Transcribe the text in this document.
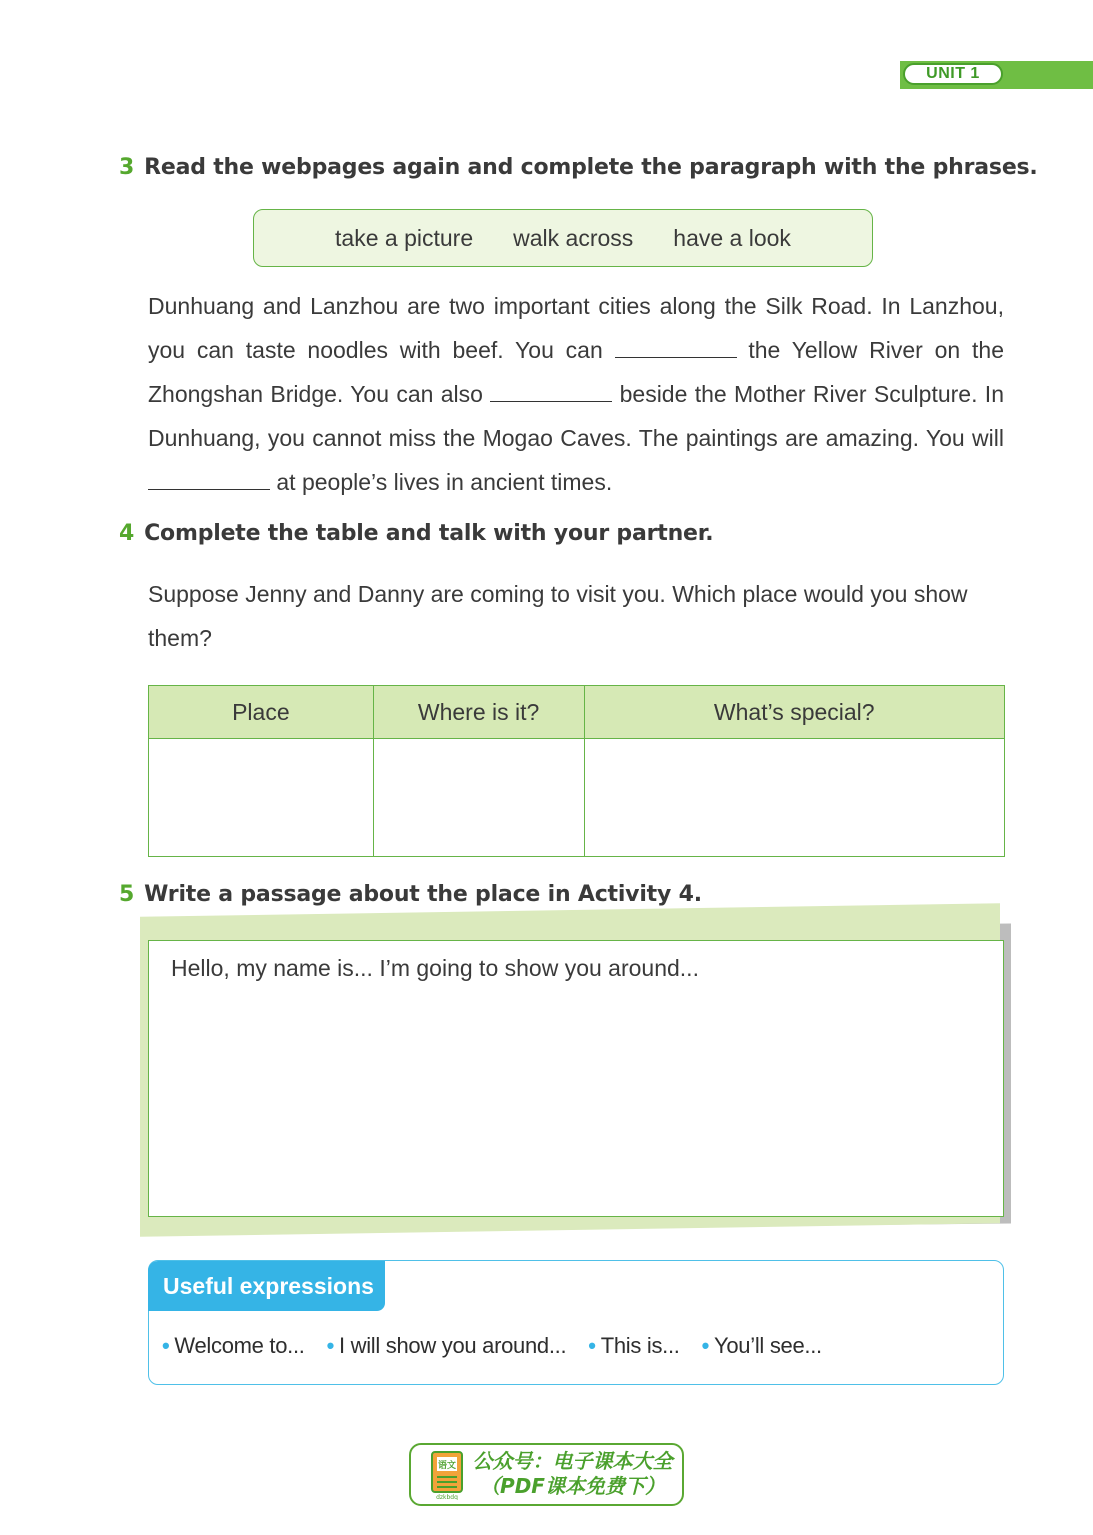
UNIT 1
3 Read the webpages again and complete the paragraph with the phrases.
take a picture walk across have a look
Dunhuang and Lanzhou are two important cities along the Silk Road. In Lanzhou,
you can taste noodles with beef. You can	the Yellow River on the
Zhongshan Bridge. You can also	beside the Mother River Sculpture. In
Dunhuang, you cannot miss the Mogao Caves. The paintings are amazing. You will
at people’s lives in ancient times.
4 Complete the table and talk with your partner.
Suppose Jenny and Danny are coming to visit you. Which place would you show
them?
Place	Where is it?	What’s special?

5 Write a passage about the place in Activity 4.
Hello, my name is... I’m going to show you around...
Useful expressions
• Welcome to... • I will show you around... • This is... • You’ll see...
语文
dzkbdq
公众号：电子课本大全
（PDF课本免费下）
